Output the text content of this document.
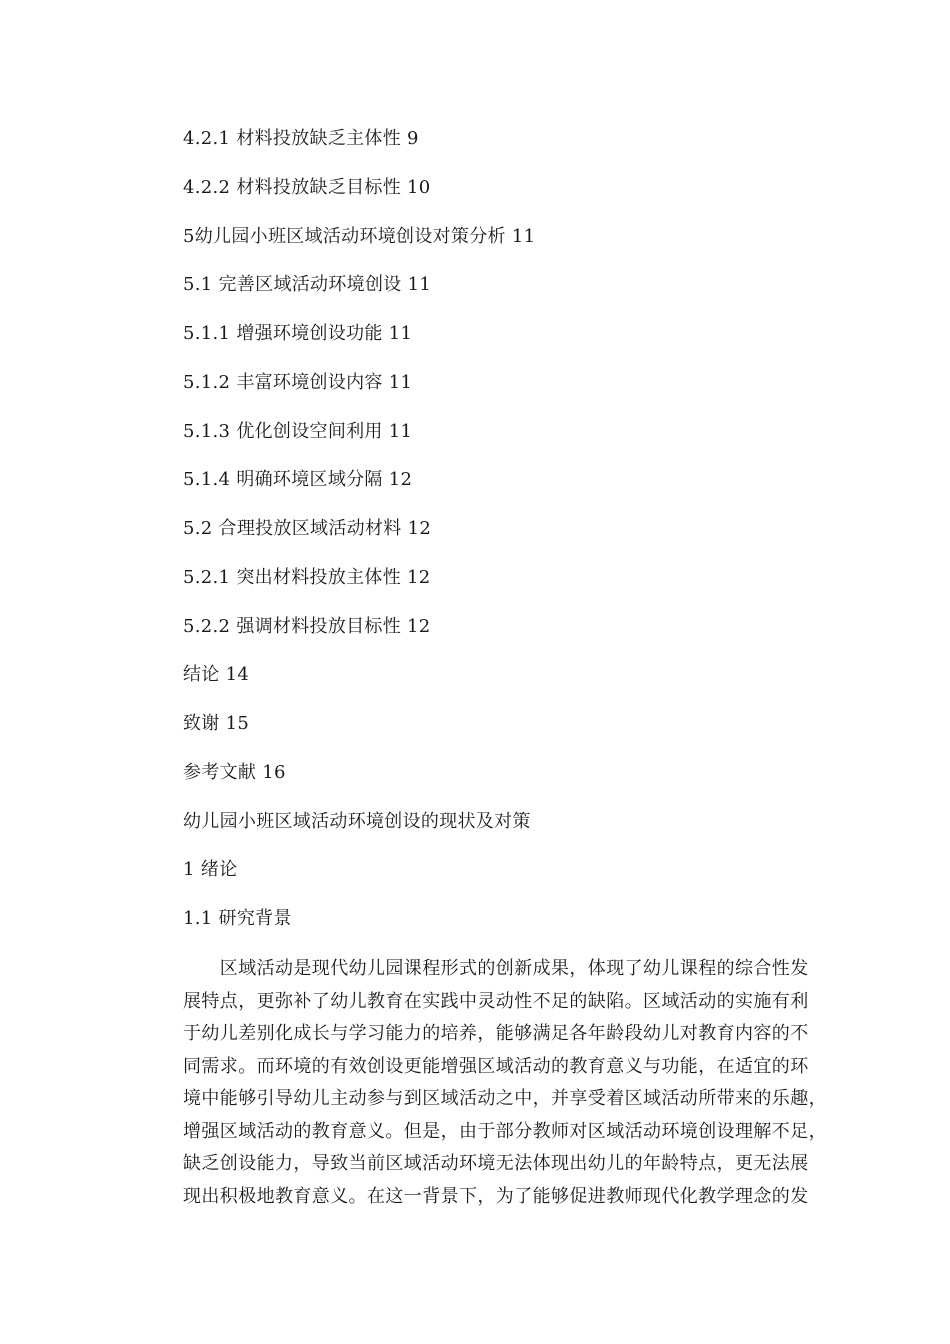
4.2.1 材料投放缺乏主体性 9
4.2.2 材料投放缺乏目标性 10
5幼儿园小班区域活动环境创设对策分析 11
5.1 完善区域活动环境创设 11
5.1.1 增强环境创设功能 11
5.1.2 丰富环境创设内容 11
5.1.3 优化创设空间利用 11
5.1.4 明确环境区域分隔 12
5.2 合理投放区域活动材料 12
5.2.1 突出材料投放主体性 12
5.2.2 强调材料投放目标性 12
结论 14
致谢 15
参考文献 16
幼儿园小班区域活动环境创设的现状及对策
1 绪论
1.1 研究背景
　　区域活动是现代幼儿园课程形式的创新成果，体现了幼儿课程的综合性发
展特点，更弥补了幼儿教育在实践中灵动性不足的缺陷。区域活动的实施有利
于幼儿差别化成长与学习能力的培养，能够满足各年龄段幼儿对教育内容的不
同需求。而环境的有效创设更能增强区域活动的教育意义与功能，在适宜的环
境中能够引导幼儿主动参与到区域活动之中，并享受着区域活动所带来的乐趣，
增强区域活动的教育意义。但是，由于部分教师对区域活动环境创设理解不足，
缺乏创设能力，导致当前区域活动环境无法体现出幼儿的年龄特点，更无法展
现出积极地教育意义。在这一背景下，为了能够促进教师现代化教学理念的发
